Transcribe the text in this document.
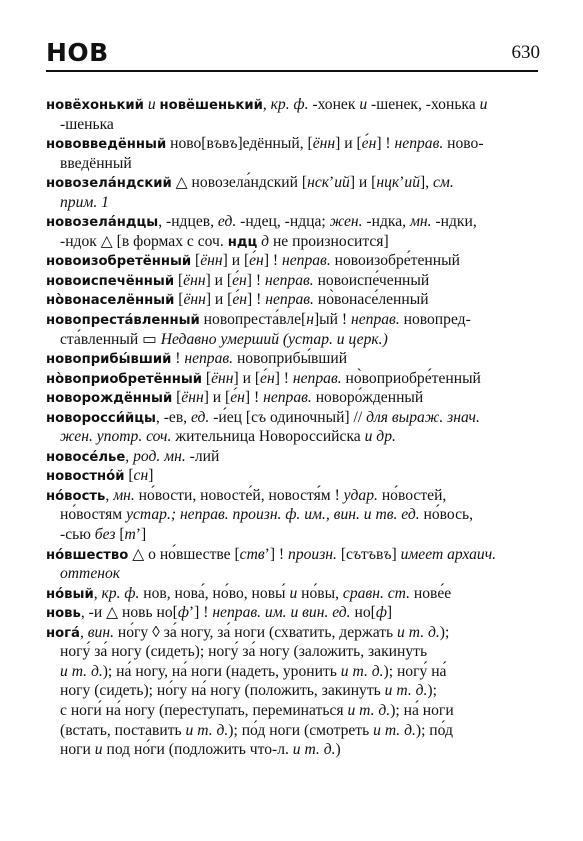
НОВ	630
новёхонький и новёшенький, кр. ф. -хонек и -шенек, -хонька и
-шенька
нововведённый ново[въвъ]едённый, [ённ] и [е́н] ! неправ. ново-
введённый
новозела́ндский △ новозела́ндский [нскʼий] и [нцкʼий], см.
прим. 1
новозела́ндцы, -ндцев, ед. -ндец, -ндца; жен. -ндка, мн. -ндки,
-ндок △ [в формах с соч. ндц д не произносится]
новоизобретённый [ённ] и [е́н] ! неправ. новоизобре́тенный
новоиспечённый [ённ] и [е́н] ! неправ. новоиспе́ченный
но̀вонаселённый [ённ] и [е́н] ! неправ. но̀вонасе́ленный
новопреста́вленный новопреста́вле[н]ый ! неправ. новопред-
ста́вленный ▭ Недавно умерший (устар. и церк.)
новоприбы́вший ! неправ. новоприбы́вший
но̀воприобретённый [ённ] и [е́н] ! неправ. но̀воприобре́тенный
новорождённый [ённ] и [е́н] ! неправ. новоро́жденный
новоросси́йцы, -ев, ед. -и́ец [съ одиночный] // для выраж. знач.
жен. употр. соч. жительница Новороссийска и др.
новосе́лье, род. мн. -лий
новостно́й [сн]
но́вость, мн. но́вости, новосте́й, новостя́м ! удар. но́востей,
но́востям устар.; неправ. произн. ф. им., вин. и тв. ед. но́вось,
-сью без [тʼ]
но́вшество △ о но́вшестве [ствʼ] ! произн. [сътъвъ] имеет архаич.
оттенок
но́вый, кр. ф. нов, нова́, но́во, новы́ и но́вы, сравн. ст. нове́е
новь, -и △ новь но[фʼ] ! неправ. им. и вин. ед. но[ф]
нога́, вин. но́гу ◊ за́ ногу, за́ ноги (схватить, держать и т. д.);
ногу́ за́ ногу (сидеть); ногу́ за́ ногу (заложить, закинуть
и т. д.); на́ ногу, на́ ноги (надеть, уронить и т. д.); ногу́ на́
ногу (сидеть); но́гу на́ ногу (положить, закинуть и т. д.);
с ноги́ на́ ногу (переступать, переминаться и т. д.); на́ ноги
(встать, поставить и т. д.); по́д ноги (смотреть и т. д.); по́д
ноги и под но́ги (подложить что-л. и т. д.)
